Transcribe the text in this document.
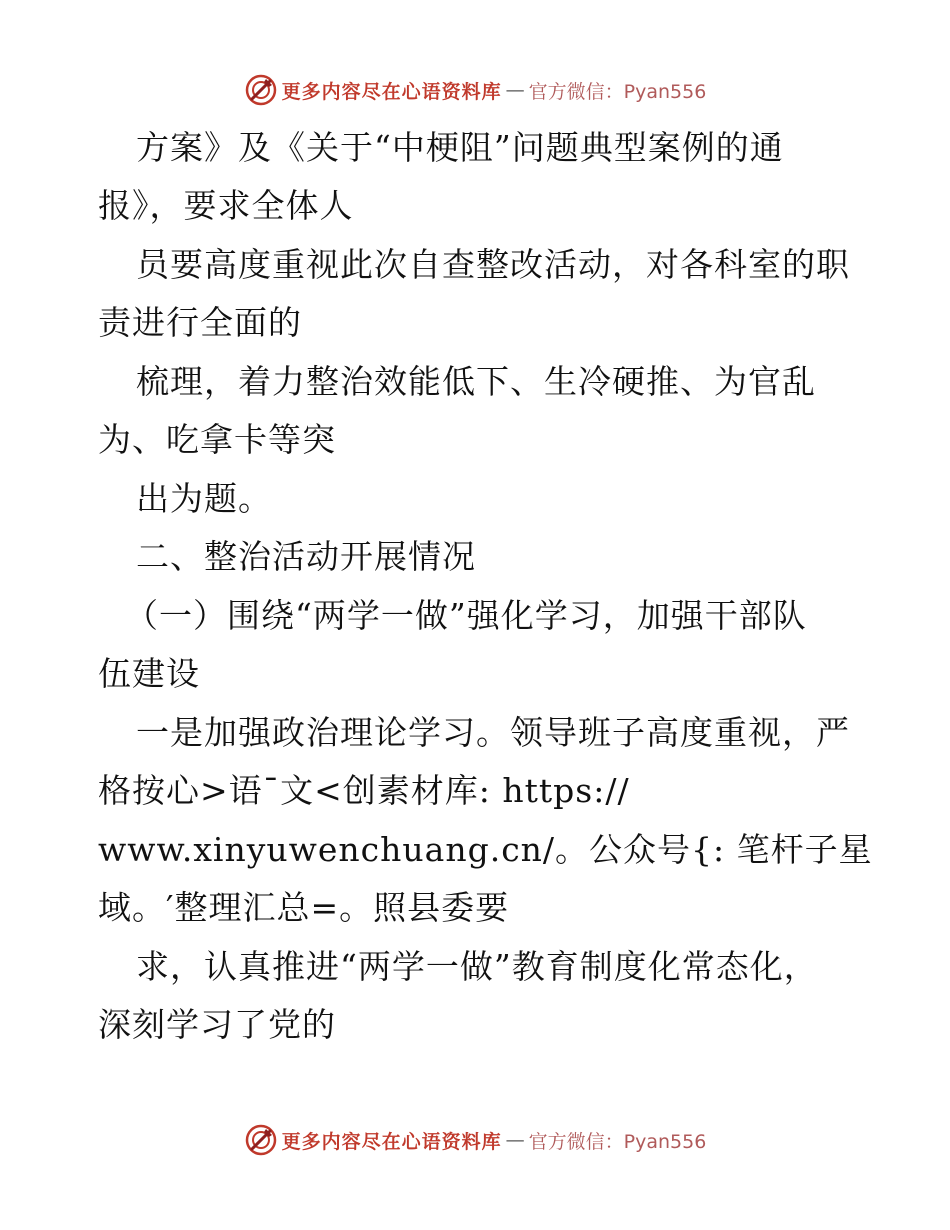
更多内容尽在心语资料库 — 官方微信：Pyan556
方案》及《关于“中梗阻”问题典型案例的通
报》，要求全体人
员要高度重视此次自查整改活动，对各科室的职
责进行全面的
梳理，着力整治效能低下、生冷硬推、为官乱
为、吃拿卡等突
出为题。
二、整治活动开展情况
（一）围绕“两学一做”强化学习，加强干部队
伍建设
一是加强政治理论学习。领导班子高度重视，严
格按心>语¯文<创素材库: https://
www.xinyuwenchuang.cn/。公众号{: 笔杆子星
域。′整理汇总=。照县委要
求，认真推进“两学一做”教育制度化常态化，
深刻学习了党的
更多内容尽在心语资料库 — 官方微信：Pyan556
